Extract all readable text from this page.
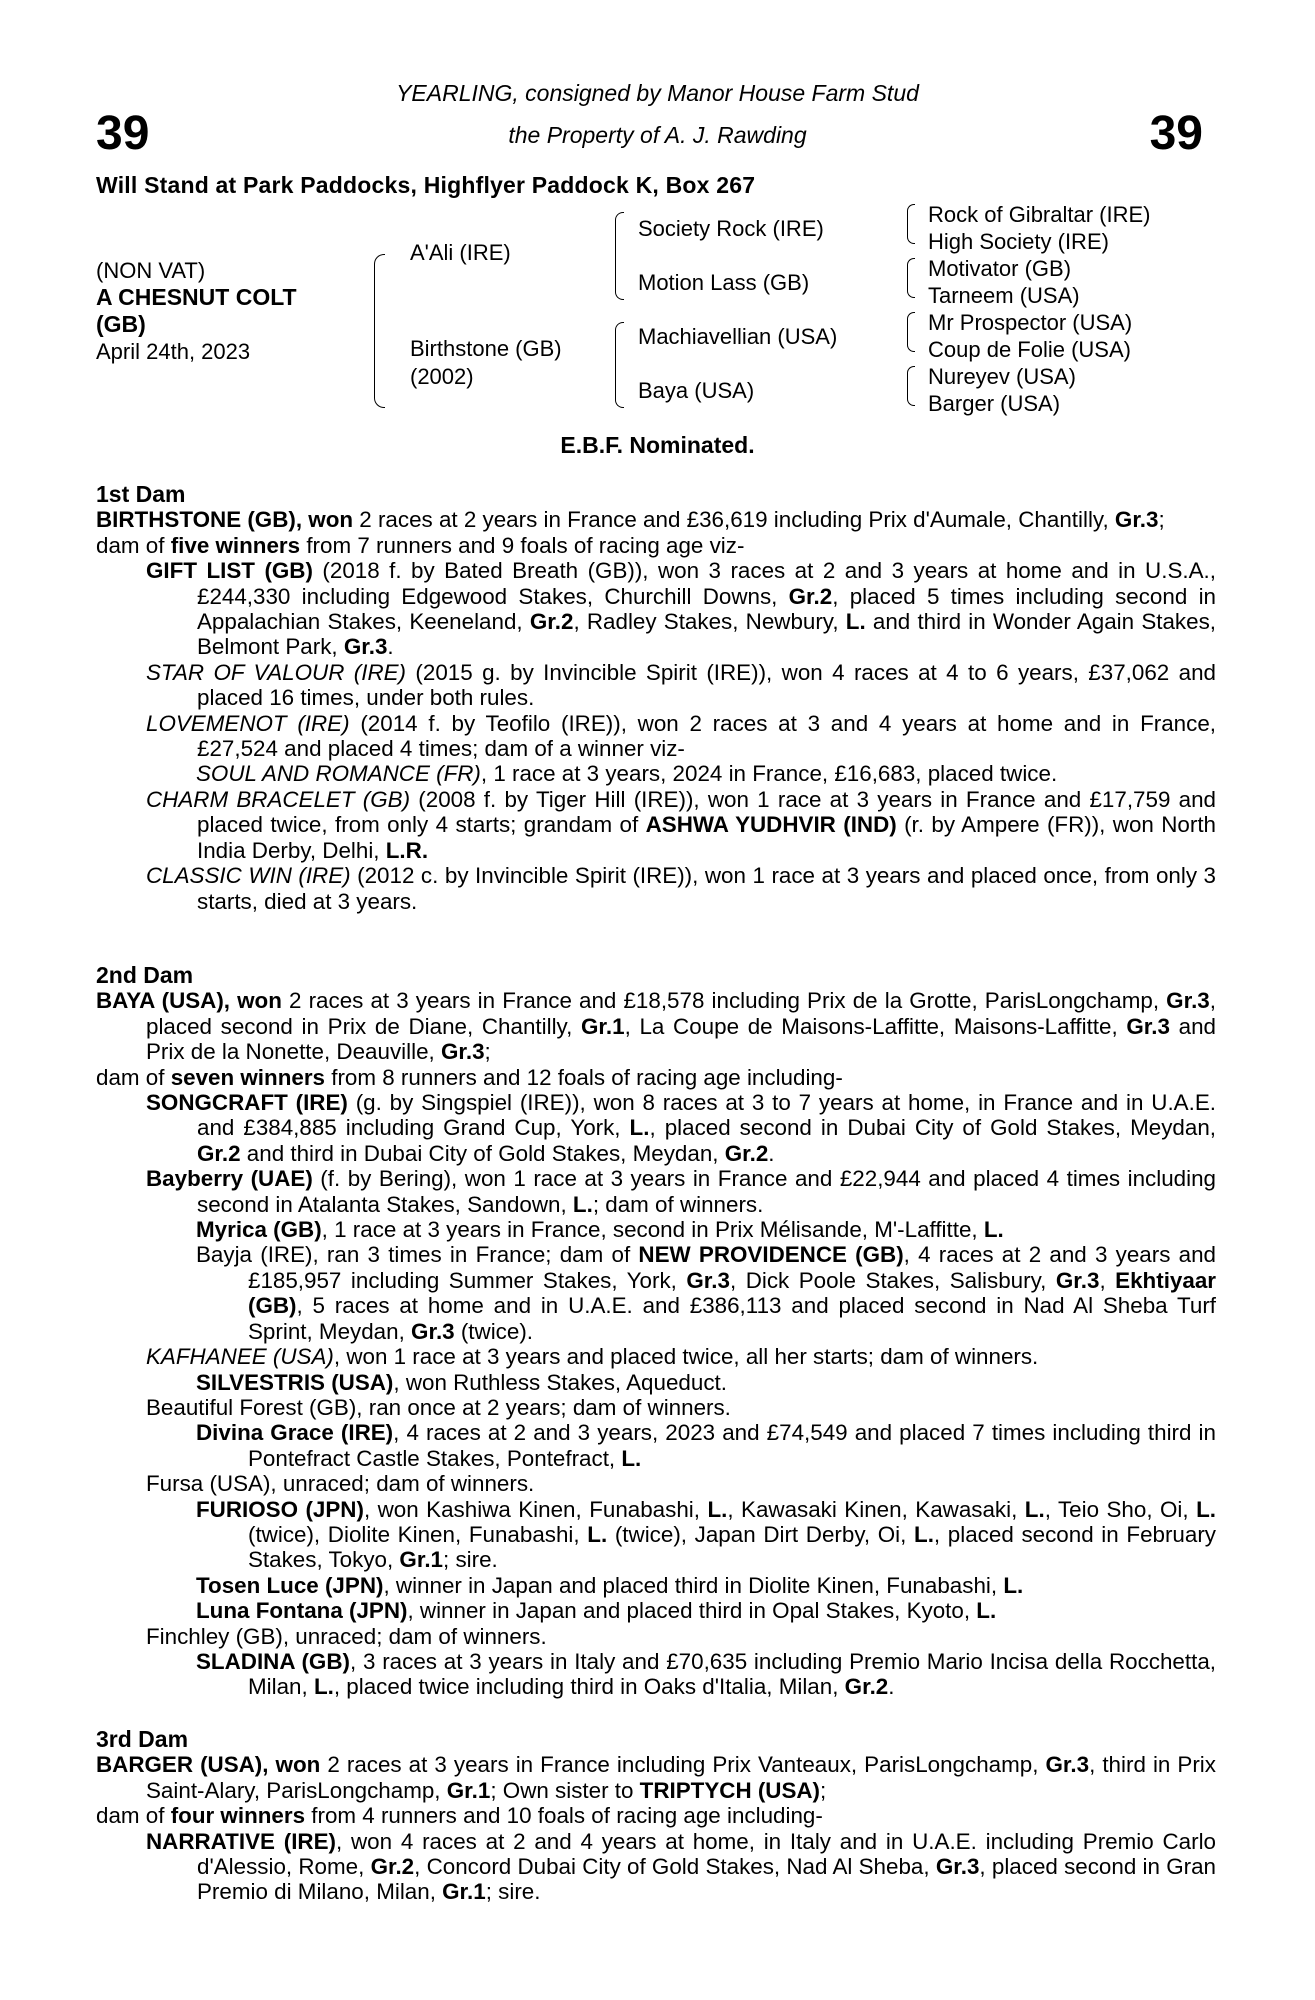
39	39
YEARLING, consigned by Manor House Farm Stud
the Property of A. J. Rawding
Will Stand at Park Paddocks, Highflyer Paddock K, Box 267
(NON VAT)
A CHESNUT COLT
(GB)
April 24th, 2023
A'Ali (IRE)
Birthstone (GB)
(2002)
Society Rock (IRE)
Motion Lass (GB)
Machiavellian (USA)
Baya (USA)
Rock of Gibraltar (IRE)
High Society (IRE)
Motivator (GB)
Tarneem (USA)
Mr Prospector (USA)
Coup de Folie (USA)
Nureyev (USA)
Barger (USA)
E.B.F. Nominated.

1st Dam

BIRTHSTONE (GB), won 2 races at 2 years in France and £36,619 including Prix d'Aumale, Chantilly, Gr.3;

dam of five winners from 7 runners and 9 foals of racing age viz-

GIFT LIST (GB) (2018 f. by Bated Breath (GB)), won 3 races at 2 and 3 years at home and in U.S.A., £244,330 including Edgewood Stakes, Churchill Downs, Gr.2, placed 5 times including second in Appalachian Stakes, Keeneland, Gr.2, Radley Stakes, Newbury, L. and third in Wonder Again Stakes, Belmont Park, Gr.3.

STAR OF VALOUR (IRE) (2015 g. by Invincible Spirit (IRE)), won 4 races at 4 to 6 years, £37,062 and placed 16 times, under both rules.

LOVEMENOT (IRE) (2014 f. by Teofilo (IRE)), won 2 races at 3 and 4 years at home and in France, £27,524 and placed 4 times; dam of a winner viz-

SOUL AND ROMANCE (FR), 1 race at 3 years, 2024 in France, £16,683, placed twice.

CHARM BRACELET (GB) (2008 f. by Tiger Hill (IRE)), won 1 race at 3 years in France and £17,759 and placed twice, from only 4 starts; grandam of ASHWA YUDHVIR (IND) (r. by Ampere (FR)), won North India Derby, Delhi, L.R.

CLASSIC WIN (IRE) (2012 c. by Invincible Spirit (IRE)), won 1 race at 3 years and placed once, from only 3 starts, died at 3 years.

2nd Dam

BAYA (USA), won 2 races at 3 years in France and £18,578 including Prix de la Grotte, ParisLongchamp, Gr.3, placed second in Prix de Diane, Chantilly, Gr.1, La Coupe de Maisons-Laffitte, Maisons-Laffitte, Gr.3 and Prix de la Nonette, Deauville, Gr.3;

dam of seven winners from 8 runners and 12 foals of racing age including-

SONGCRAFT (IRE) (g. by Singspiel (IRE)), won 8 races at 3 to 7 years at home, in France and in U.A.E. and £384,885 including Grand Cup, York, L., placed second in Dubai City of Gold Stakes, Meydan, Gr.2 and third in Dubai City of Gold Stakes, Meydan, Gr.2.

Bayberry (UAE) (f. by Bering), won 1 race at 3 years in France and £22,944 and placed 4 times including second in Atalanta Stakes, Sandown, L.; dam of winners.

Myrica (GB), 1 race at 3 years in France, second in Prix Mélisande, M'-Laffitte, L.

Bayja (IRE), ran 3 times in France; dam of NEW PROVIDENCE (GB), 4 races at 2 and 3 years and £185,957 including Summer Stakes, York, Gr.3, Dick Poole Stakes, Salisbury, Gr.3, Ekhtiyaar (GB), 5 races at home and in U.A.E. and £386,113 and placed second in Nad Al Sheba Turf Sprint, Meydan, Gr.3 (twice).

KAFHANEE (USA), won 1 race at 3 years and placed twice, all her starts; dam of winners.

SILVESTRIS (USA), won Ruthless Stakes, Aqueduct.

Beautiful Forest (GB), ran once at 2 years; dam of winners.

Divina Grace (IRE), 4 races at 2 and 3 years, 2023 and £74,549 and placed 7 times including third in Pontefract Castle Stakes, Pontefract, L.

Fursa (USA), unraced; dam of winners.

FURIOSO (JPN), won Kashiwa Kinen, Funabashi, L., Kawasaki Kinen, Kawasaki, L., Teio Sho, Oi, L. (twice), Diolite Kinen, Funabashi, L. (twice), Japan Dirt Derby, Oi, L., placed second in February Stakes, Tokyo, Gr.1; sire.

Tosen Luce (JPN), winner in Japan and placed third in Diolite Kinen, Funabashi, L.

Luna Fontana (JPN), winner in Japan and placed third in Opal Stakes, Kyoto, L.

Finchley (GB), unraced; dam of winners.

SLADINA (GB), 3 races at 3 years in Italy and £70,635 including Premio Mario Incisa della Rocchetta, Milan, L., placed twice including third in Oaks d'Italia, Milan, Gr.2.

3rd Dam

BARGER (USA), won 2 races at 3 years in France including Prix Vanteaux, ParisLongchamp, Gr.3, third in Prix Saint-Alary, ParisLongchamp, Gr.1; Own sister to TRIPTYCH (USA);

dam of four winners from 4 runners and 10 foals of racing age including-

NARRATIVE (IRE), won 4 races at 2 and 4 years at home, in Italy and in U.A.E. including Premio Carlo d'Alessio, Rome, Gr.2, Concord Dubai City of Gold Stakes, Nad Al Sheba, Gr.3, placed second in Gran Premio di Milano, Milan, Gr.1; sire.
